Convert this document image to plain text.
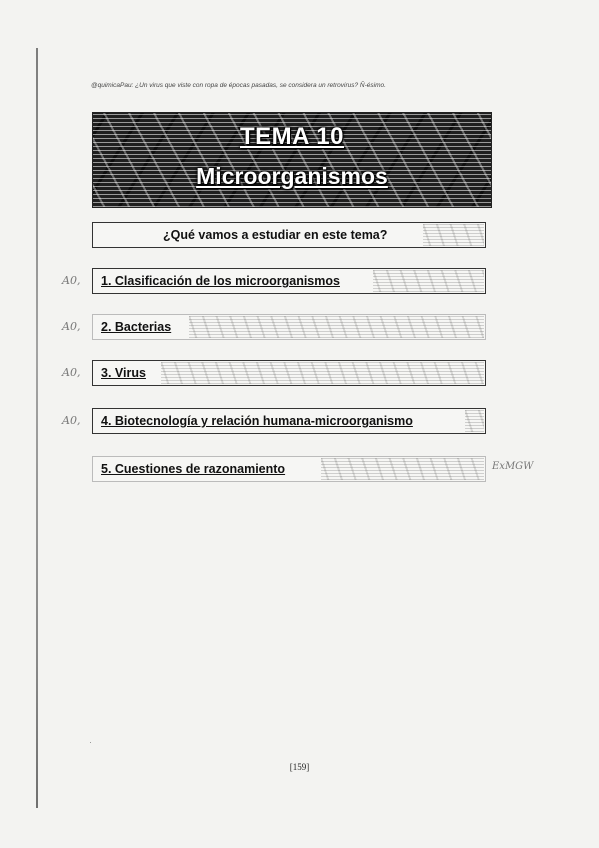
@quimicaPau: ¿Un virus que viste con ropa de épocas pasadas, se considera un retrovirus? Ñ-ésimo.
TEMA 10
Microorganismos
¿Qué vamos a estudiar en este tema?
A0, 1. Clasificación de los microorganismos
A0, 2. Bacterias
A0, 3. Virus
A0, 4. Biotecnología y relación humana-microorganismo
5. Cuestiones de razonamiento	ExMGW
[159]
